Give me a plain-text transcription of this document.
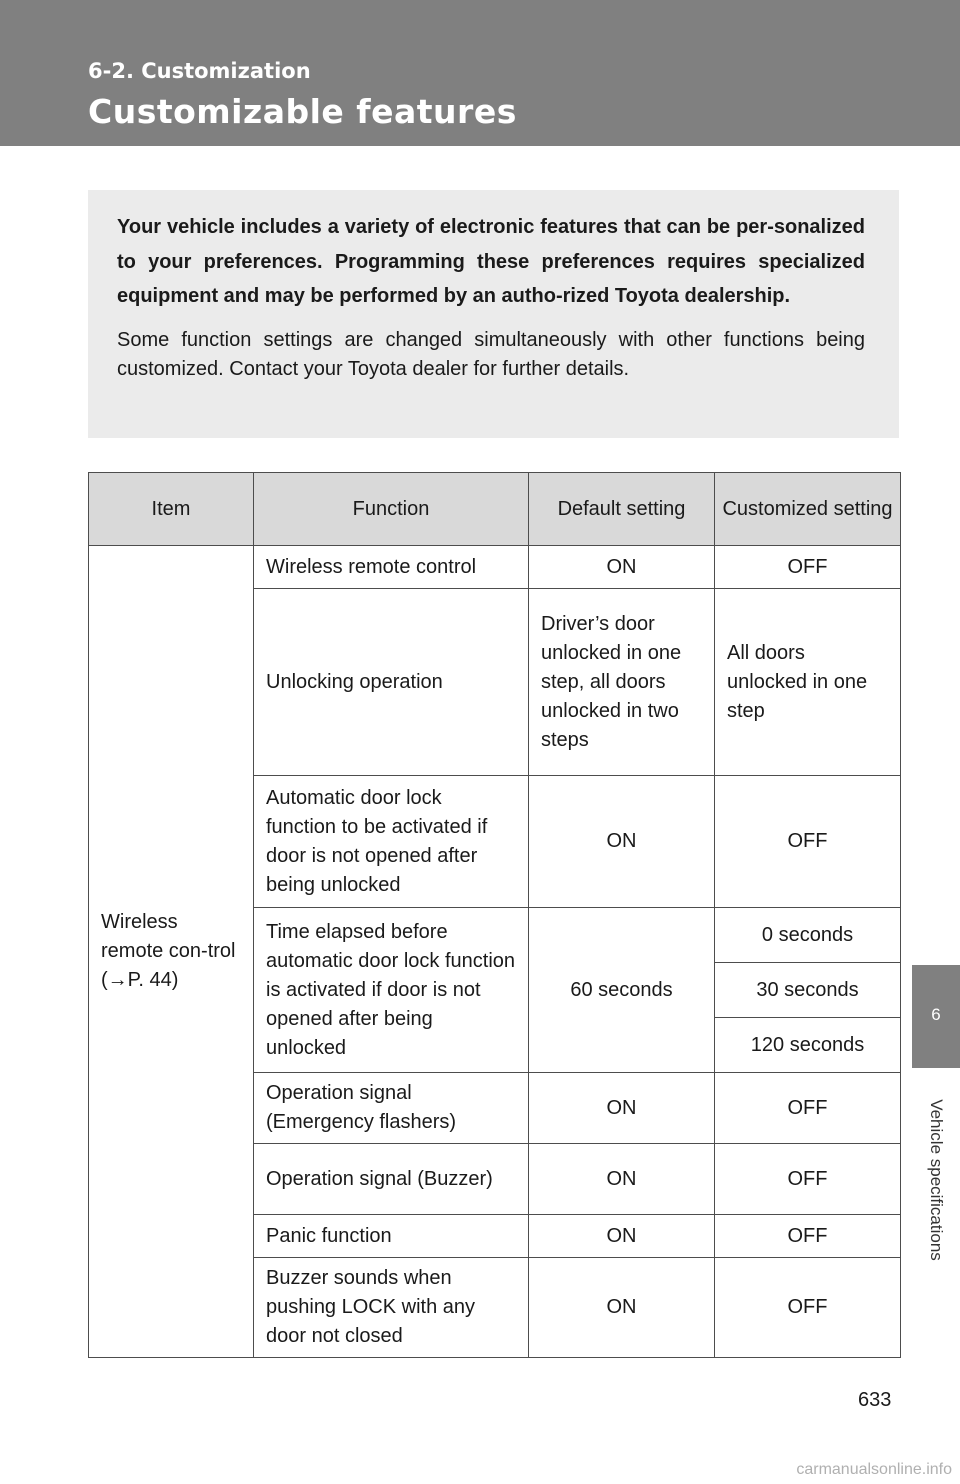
6-2. Customization
Customizable features

Your vehicle includes a variety of electronic features that can be per-sonalized to your preferences. Programming these preferences requires specialized equipment and may be performed by an autho-rized Toyota dealership.

Some function settings are changed simultaneously with other functions being customized. Contact your Toyota dealer for further details.

Item	Function	Default setting	Customized setting
Wireless remote con-trol (→P. 44)	Wireless remote control	ON	OFF
	Unlocking operation	Driver’s door unlocked in one step, all doors unlocked in two steps	All doors unlocked in one step
	Automatic door lock function to be activated if door is not opened after being unlocked	ON	OFF
	Time elapsed before automatic door lock function is activated if door is not opened after being unlocked	60 seconds	0 seconds
			30 seconds
			120 seconds
	Operation signal (Emergency flashers)	ON	OFF
	Operation signal (Buzzer)	ON	OFF
	Panic function	ON	OFF
	Buzzer sounds when pushing LOCK with any door not closed	ON	OFF
6
Vehicle specifications
633
carmanualsonline.info
